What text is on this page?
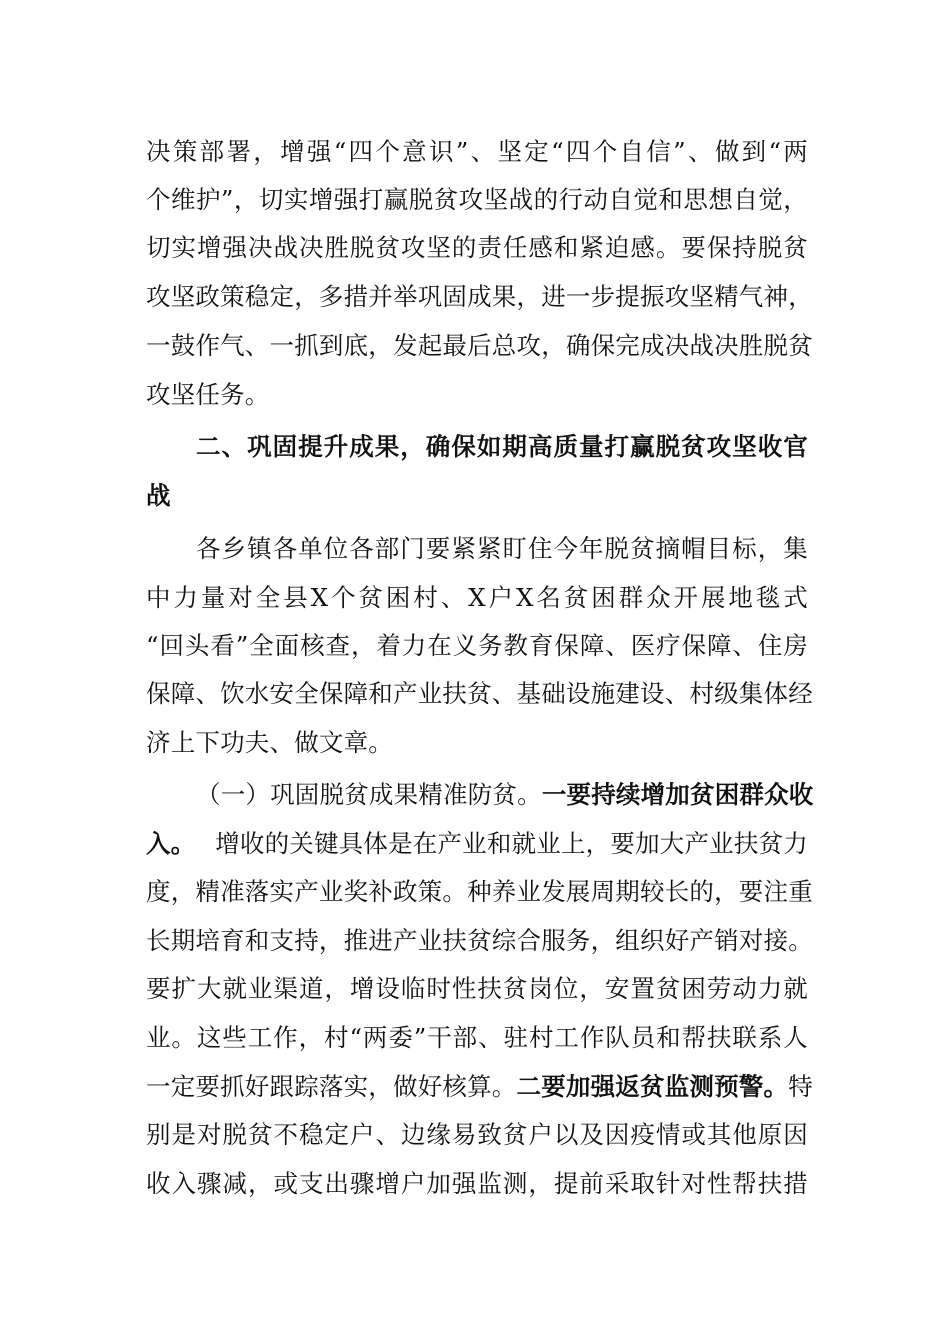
决策部署，增强“四个意识”、坚定“四个自信”、做到“两
个维护”，切实增强打赢脱贫攻坚战的行动自觉和思想自觉，
切实增强决战决胜脱贫攻坚的责任感和紧迫感。要保持脱贫
攻坚政策稳定，多措并举巩固成果，进一步提振攻坚精气神，
一鼓作气、一抓到底，发起最后总攻，确保完成决战决胜脱贫
攻坚任务。
二、巩固提升成果，确保如期高质量打赢脱贫攻坚收官
战
各乡镇各单位各部门要紧紧盯住今年脱贫摘帽目标，集
中力量对全县X个贫困村、X户X名贫困群众开展地毯式
“回头看”全面核查，着力在义务教育保障、医疗保障、住房
保障、饮水安全保障和产业扶贫、基础设施建设、村级集体经
济上下功夫、做文章。
（一）巩固脱贫成果精准防贫。 一要持续增加贫困群众收
入。 增收的关键具体是在产业和就业上，要加大产业扶贫力
度，精准落实产业奖补政策。种养业发展周期较长的，要注重
长期培育和支持，推进产业扶贫综合服务，组织好产销对接。
要扩大就业渠道，增设临时性扶贫岗位，安置贫困劳动力就
业。这些工作，村“两委”干部、驻村工作队员和帮扶联系人
一定要抓好跟踪落实，做好核算。 二要加强返贫监测预警。 特
别是对脱贫不稳定户、边缘易致贫户以及因疫情或其他原因
收入骤减，或支出骤增户加强监测，提前采取针对性帮扶措
